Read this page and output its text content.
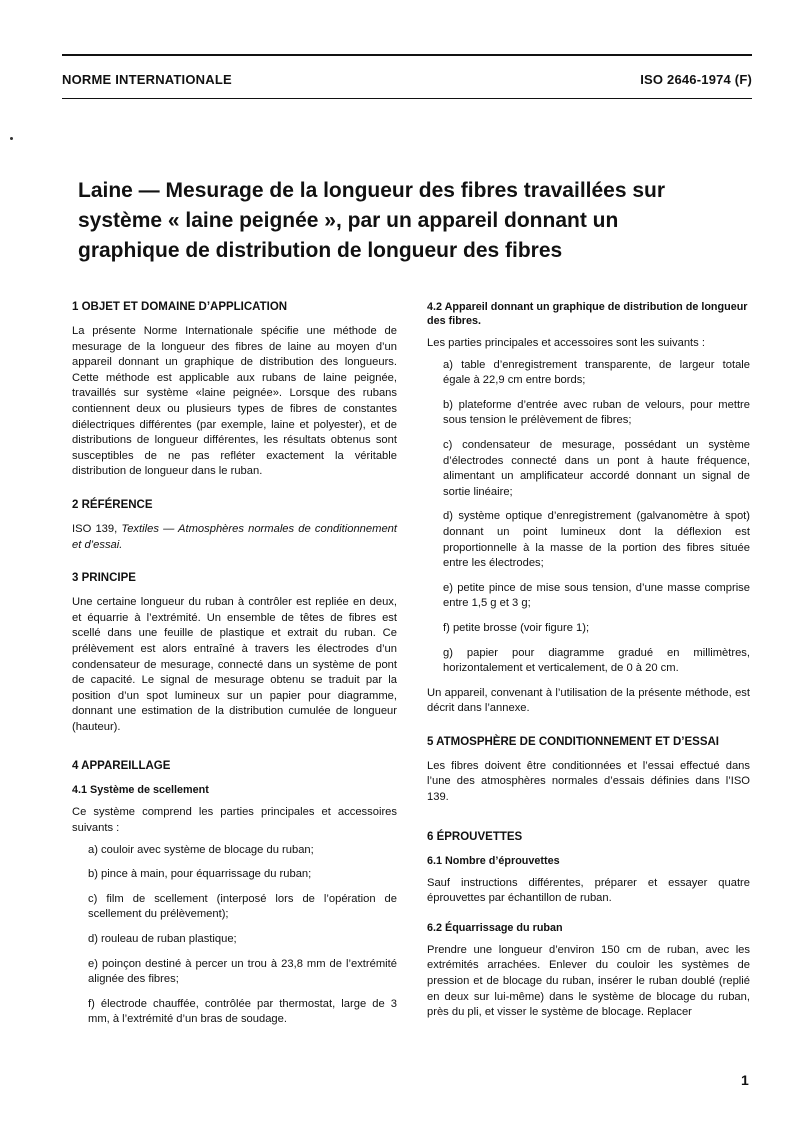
NORME INTERNATIONALE	ISO 2646-1974 (F)
Laine — Mesurage de la longueur des fibres travaillées sur système « laine peignée », par un appareil donnant un graphique de distribution de longueur des fibres
1 OBJET ET DOMAINE D’APPLICATION

La présente Norme Internationale spécifie une méthode de mesurage de la longueur des fibres de laine au moyen d’un appareil donnant un graphique de distribution des longueurs. Cette méthode est applicable aux rubans de laine peignée, travaillés sur système «laine peignée». Lorsque des rubans contiennent deux ou plusieurs types de fibres de constantes diélectriques différentes (par exemple, laine et polyester), et de distributions de longueur différentes, les résultats obtenus sont susceptibles de ne pas refléter exactement la véritable distribution de longueur dans le ruban.

2 RÉFÉRENCE

ISO 139, Textiles — Atmosphères normales de conditionnement et d’essai.

3 PRINCIPE

Une certaine longueur du ruban à contrôler est repliée en deux, et équarrie à l’extrémité. Un ensemble de têtes de fibres est scellé dans une feuille de plastique et extrait du ruban. Ce prélèvement est alors entraîné à travers les électrodes d’un condensateur de mesurage, connecté dans un système de pont de capacité. Le signal de mesurage obtenu se traduit par la position d’un spot lumineux sur un papier pour diagramme, donnant une estimation de la distribution cumulée de longueur (hauteur).

4 APPAREILLAGE
4.1 Système de scellement

Ce système comprend les parties principales et accessoires suivants :

a) couloir avec système de blocage du ruban;
b) pince à main, pour équarrissage du ruban;
c) film de scellement (interposé lors de l’opération de scellement du prélèvement);
d) rouleau de ruban plastique;
e) poinçon destiné à percer un trou à 23,8 mm de l’extrémité alignée des fibres;
f) électrode chauffée, contrôlée par thermostat, large de 3 mm, à l’extrémité d’un bras de soudage.
4.2 Appareil donnant un graphique de distribution de longueur des fibres.

Les parties principales et accessoires sont les suivants :

a) table d’enregistrement transparente, de largeur totale égale à 22,9 cm entre bords;
b) plateforme d’entrée avec ruban de velours, pour mettre sous tension le prélèvement de fibres;
c) condensateur de mesurage, possédant un système d’électrodes connecté dans un pont à haute fréquence, alimentant un amplificateur accordé donnant un signal de sortie linéaire;
d) système optique d’enregistrement (galvanomètre à spot) donnant un point lumineux dont la déflexion est proportionnelle à la masse de la portion des fibres située entre les électrodes;
e) petite pince de mise sous tension, d’une masse comprise entre 1,5 g et 3 g;
f) petite brosse (voir figure 1);
g) papier pour diagramme gradué en millimètres, horizontalement et verticalement, de 0 à 20 cm.

Un appareil, convenant à l’utilisation de la présente méthode, est décrit dans l’annexe.

5 ATMOSPHÈRE DE CONDITIONNEMENT ET D’ESSAI

Les fibres doivent être conditionnées et l’essai effectué dans l’une des atmosphères normales d’essais définies dans l’ISO 139.

6 ÉPROUVETTES
6.1 Nombre d’éprouvettes

Sauf instructions différentes, préparer et essayer quatre éprouvettes par échantillon de ruban.

6.2 Équarrissage du ruban

Prendre une longueur d’environ 150 cm de ruban, avec les extrémités arrachées. Enlever du couloir les systèmes de pression et de blocage du ruban, insérer le ruban doublé (replié en deux sur lui-même) dans le système de blocage du ruban, près du pli, et visser le système de blocage. Replacer

1
